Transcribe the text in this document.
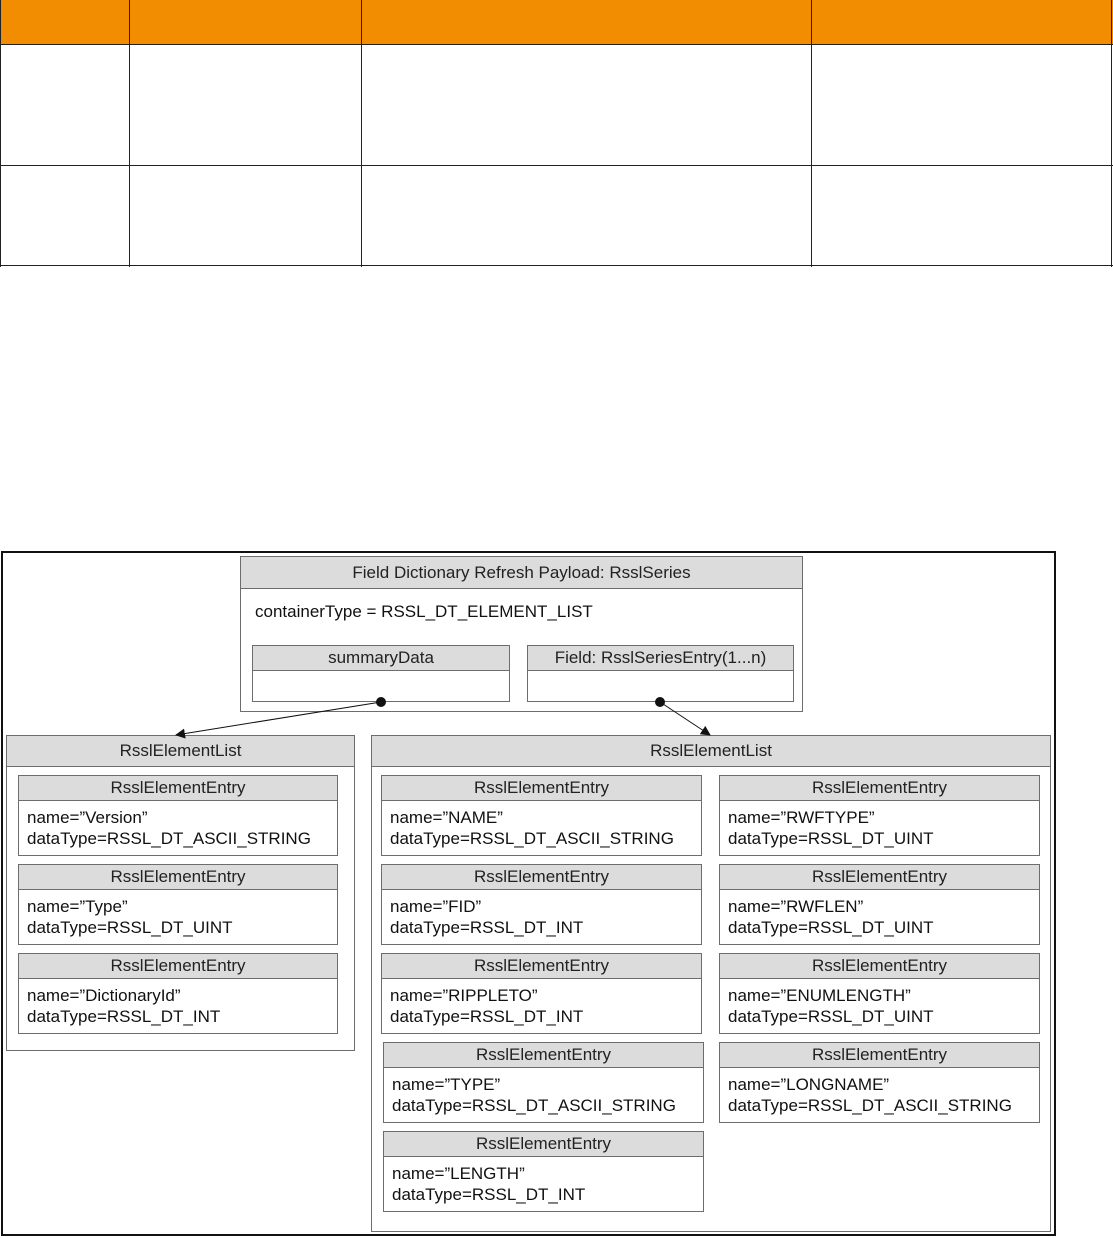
Field Dictionary Refresh Payload: RsslSeries
containerType = RSSL_DT_ELEMENT_LIST
summaryData	Field: RsslSeriesEntry(1...n)
RsslElementList
RsslElementEntry
name=”Version”
dataType=RSSL_DT_ASCII_STRING
RsslElementEntry
name=”Type”
dataType=RSSL_DT_UINT
RsslElementEntry
name=”DictionaryId”
dataType=RSSL_DT_INT
RsslElementList
RsslElementEntry
name=”NAME”
dataType=RSSL_DT_ASCII_STRING
RsslElementEntry
name=”FID”
dataType=RSSL_DT_INT
RsslElementEntry
name=”RIPPLETO”
dataType=RSSL_DT_INT
RsslElementEntry
name=”TYPE”
dataType=RSSL_DT_ASCII_STRING
RsslElementEntry
name=”LENGTH”
dataType=RSSL_DT_INT
RsslElementEntry
name=”RWFTYPE”
dataType=RSSL_DT_UINT
RsslElementEntry
name=”RWFLEN”
dataType=RSSL_DT_UINT
RsslElementEntry
name=”ENUMLENGTH”
dataType=RSSL_DT_UINT
RsslElementEntry
name=”LONGNAME”
dataType=RSSL_DT_ASCII_STRING
